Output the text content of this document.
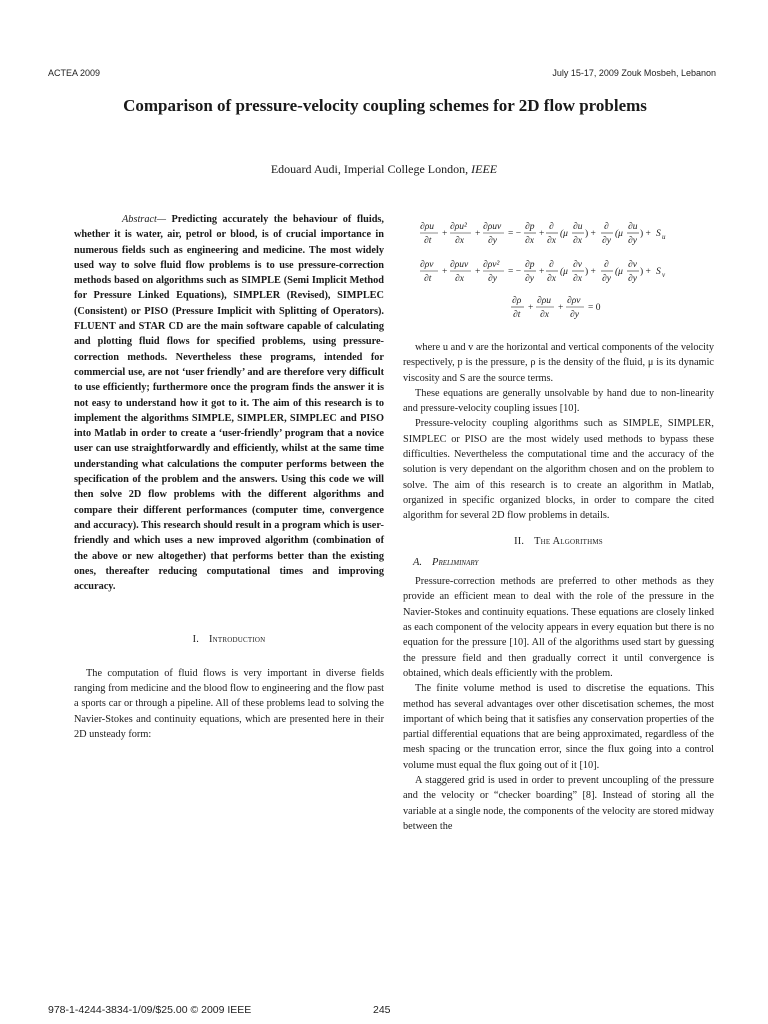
ACTEA 2009	July 15-17, 2009 Zouk Mosbeh, Lebanon
Comparison of pressure-velocity coupling schemes for 2D flow problems
Edouard Audi, Imperial College London, IEEE

Abstract— Predicting accurately the behaviour of fluids, whether it is water, air, petrol or blood, is of crucial importance in numerous fields such as engineering and medicine. The most widely used way to solve fluid flow problems is to use pressure-correction methods based on algorithms such as SIMPLE (Semi Implicit Method for Pressure Linked Equations), SIMPLER (Revised), SIMPLEC (Consistent) or PISO (Pressure Implicit with Splitting of Operators). FLUENT and STAR CD are the main software capable of calculating and plotting fluid flows for specified problems, using pressure-correction methods. Nevertheless these programs, intended for commercial use, are not ‘user friendly’ and are therefore very difficult to use efficiently; furthermore once the program finds the answer it is not easy to understand how it got to it. The aim of this research is to implement the algorithms SIMPLE, SIMPLER, SIMPLEC and PISO into Matlab in order to create a ‘user-friendly’ program that a novice user can use straightforwardly and efficiently, whilst at the same time understanding what calculations the computer performs between the specification of the problem and the answers. Using this code we will then solve 2D flow problems with the different algorithms and compare their different performances (computer time, convergence and accuracy). This research should result in a program which is user-friendly and which uses a new improved algorithm (combination of the above or new altogether) that performs better than the existing ones, thereafter reducing computational times and improving accuracy.

I. Introduction

The computation of fluid flows is very important in diverse fields ranging from medicine and the blood flow to engineering and the flow past a sports car or through a pipeline. All of these problems lead to solving the Navier-Stokes and continuity equations, which are presented here in their 2D unsteady form:

∂ρu
∂t
+
∂ρu²
∂x
+
∂ρuv
∂y
= −
∂p
∂x
+
∂
∂x
(μ
∂u
∂x
) +
∂
∂y
(μ
∂u
∂y
) + S u
∂ρv
∂t
+
∂ρuv
∂x
+
∂ρv²
∂y
= −
∂p
∂y
+
∂
∂x
(μ
∂v
∂x
) +
∂
∂y
(μ
∂v
∂y
) + S v
∂ρ
∂t
+
∂ρu
∂x
+
∂ρv
∂y
= 0

where u and v are the horizontal and vertical components of the velocity respectively, p is the pressure, ρ is the density of the fluid, μ is its dynamic viscosity and S are the source terms.

These equations are generally unsolvable by hand due to non-linearity and pressure-velocity coupling issues [10].

Pressure-velocity coupling algorithms such as SIMPLE, SIMPLER, SIMPLEC or PISO are the most widely used methods to bypass these difficulties. Nevertheless the computational time and the accuracy of the solution is very dependant on the algorithm chosen and on the problem to solve. The aim of this research is to create an algorithm in Matlab, organized in specific organized blocks, in order to compare the cited algorithm for several 2D flow problems in details.

II. The Algorithms

A. Preliminary

Pressure-correction methods are preferred to other methods as they provide an efficient mean to deal with the role of the pressure in the Navier-Stokes and continuity equations. These equations are closely linked as each component of the velocity appears in every equation but there is no equation for the pressure [10]. All of the algorithms used start by guessing the pressure field and then gradually correct it until convergence is obtained, which deals efficiently with the problem.

The finite volume method is used to discretise the equations. This method has several advantages over other discetisation schemes, the most important of which being that it satisfies any conservation properties of the partial differential equations that are being approximated, regardless of the mesh spacing or the truncation error, since the flux going into a control volume must equal the flux going out of it [10].

A staggered grid is used in order to prevent uncoupling of the pressure and the velocity or “checker boarding” [8]. Instead of storing all the variable at a single node, the components of the velocity are stored midway between the

978-1-4244-3834-1/09/$25.00 © 2009 IEEE	245
